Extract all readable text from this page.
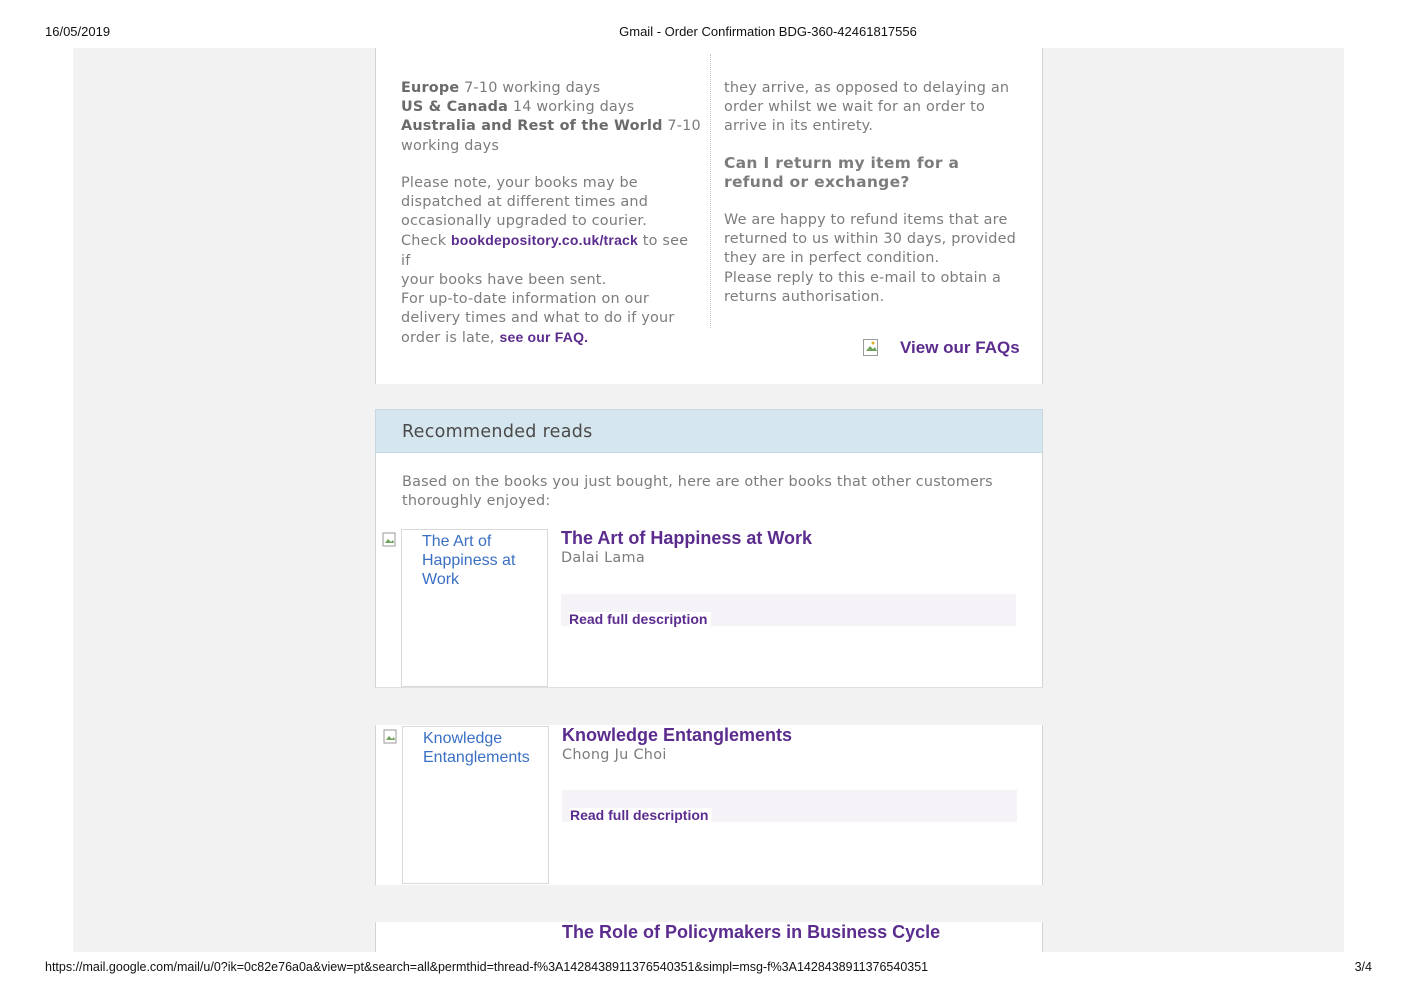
16/05/2019	Gmail - Order Confirmation BDG-360-42461817556
Europe 7-10 working days
US & Canada 14 working days
Australia and Rest of the World 7-10
working days
Please note, your books may be
dispatched at different times and
occasionally upgraded to courier.
Check bookdepository.co.uk/track to see if
your books have been sent.
For up-to-date information on our
delivery times and what to do if your
order is late, see our FAQ.
they arrive, as opposed to delaying an
order whilst we wait for an order to
arrive in its entirety.
Can I return my item for a refund or exchange?
We are happy to refund items that are
returned to us within 30 days, provided
they are in perfect condition.
Please reply to this e-mail to obtain a
returns authorisation.
View our FAQs
Recommended reads
Based on the books you just bought, here are other books that other customers thoroughly enjoyed:
The Art of Happiness at Work
The Art of Happiness at Work
Dalai Lama
Read full description
Knowledge Entanglements
Knowledge Entanglements
Chong Ju Choi
Read full description
The Role of Policymakers in Business Cycle
https://mail.google.com/mail/u/0?ik=0c82e76a0a&view=pt&search=all&permthid=thread-f%3A1428438911376540351&simpl=msg-f%3A1428438911376540351	3/4
